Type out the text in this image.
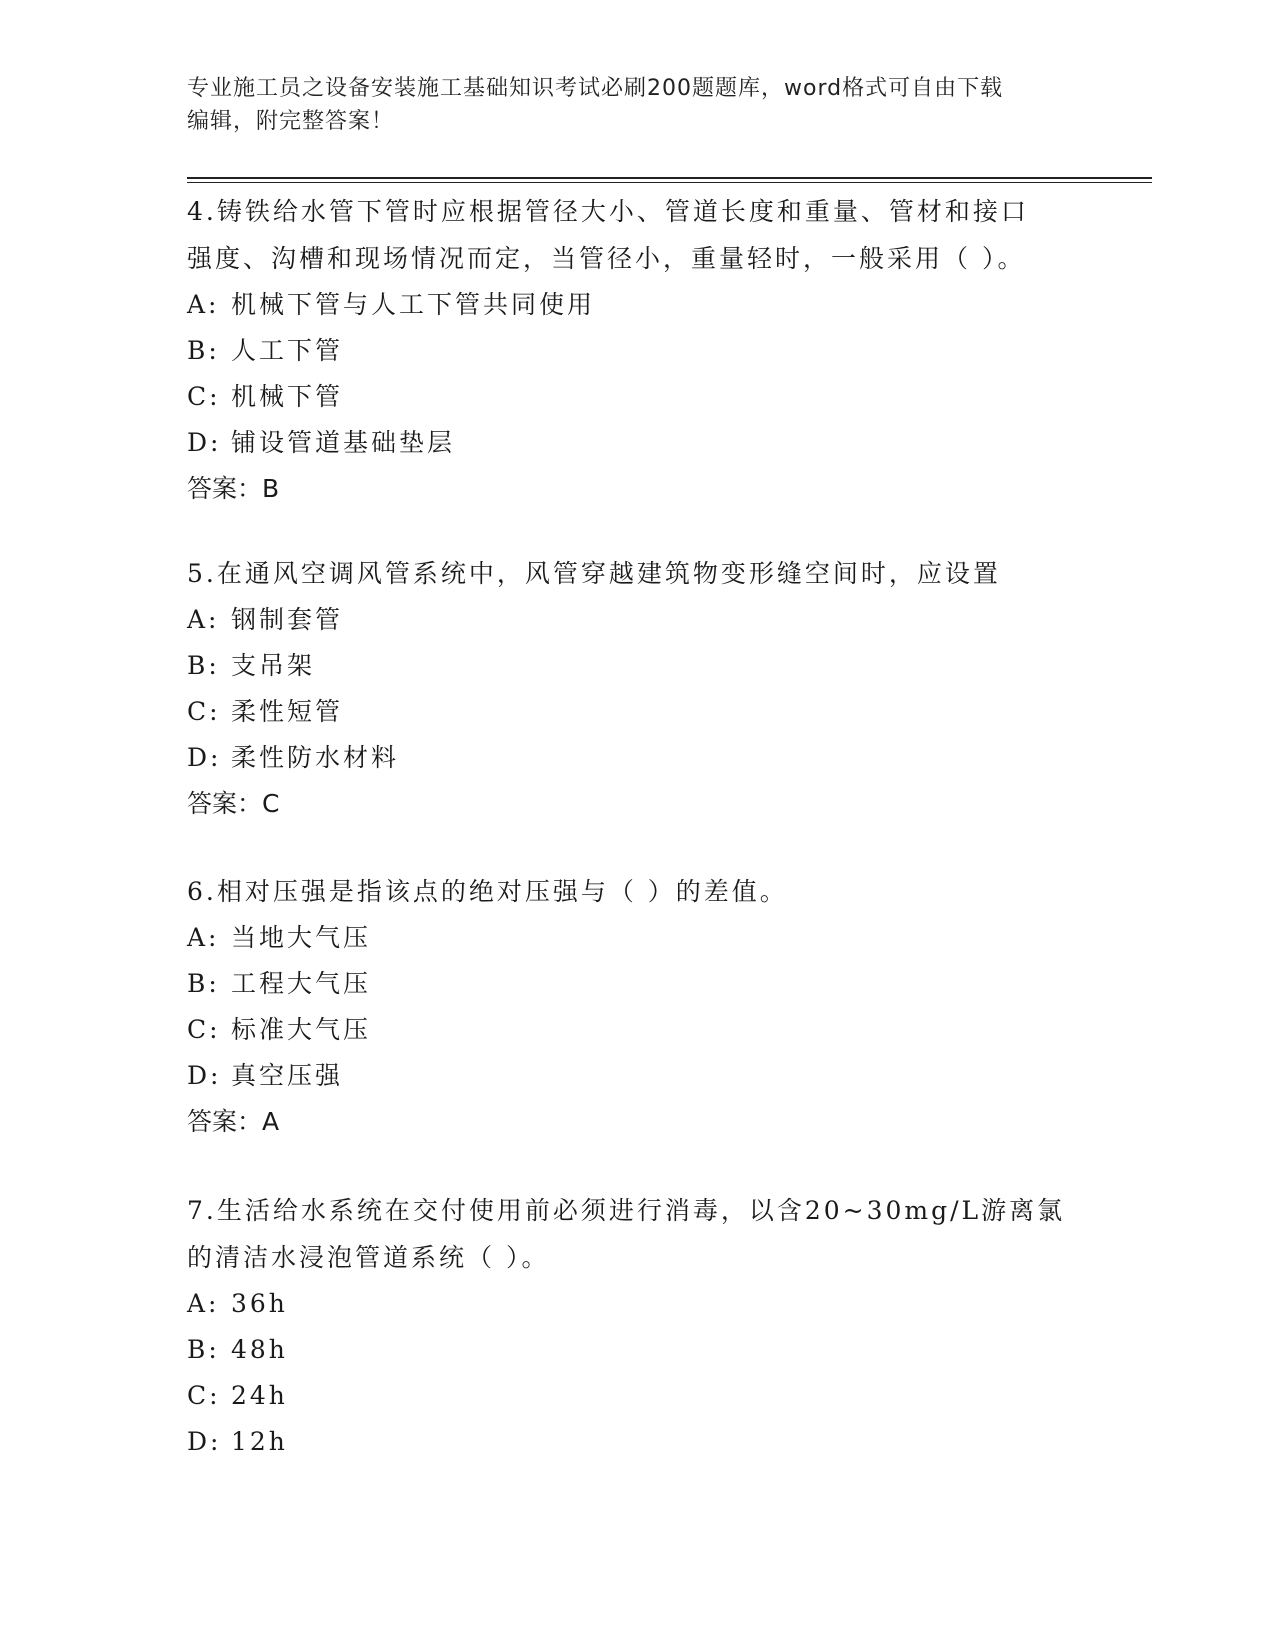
专业施工员之设备安装施工基础知识考试必刷200题题库，word格式可自由下载
编辑，附完整答案！

4.铸铁给水管下管时应根据管径大小、管道长度和重量、管材和接口

强度、沟槽和现场情况而定，当管径小，重量轻时，一般采用（ ）。

A: 机械下管与人工下管共同使用

B: 人工下管

C: 机械下管

D: 铺设管道基础垫层

答案：B

5.在通风空调风管系统中，风管穿越建筑物变形缝空间时，应设置

A: 钢制套管

B: 支吊架

C: 柔性短管

D: 柔性防水材料

答案：C

6.相对压强是指该点的绝对压强与（ ）的差值。

A: 当地大气压

B: 工程大气压

C: 标准大气压

D: 真空压强

答案：A

7.生活给水系统在交付使用前必须进行消毒，以含20~30mg/L游离氯

的清洁水浸泡管道系统（ ）。

A: 36h

B: 48h

C: 24h

D: 12h
